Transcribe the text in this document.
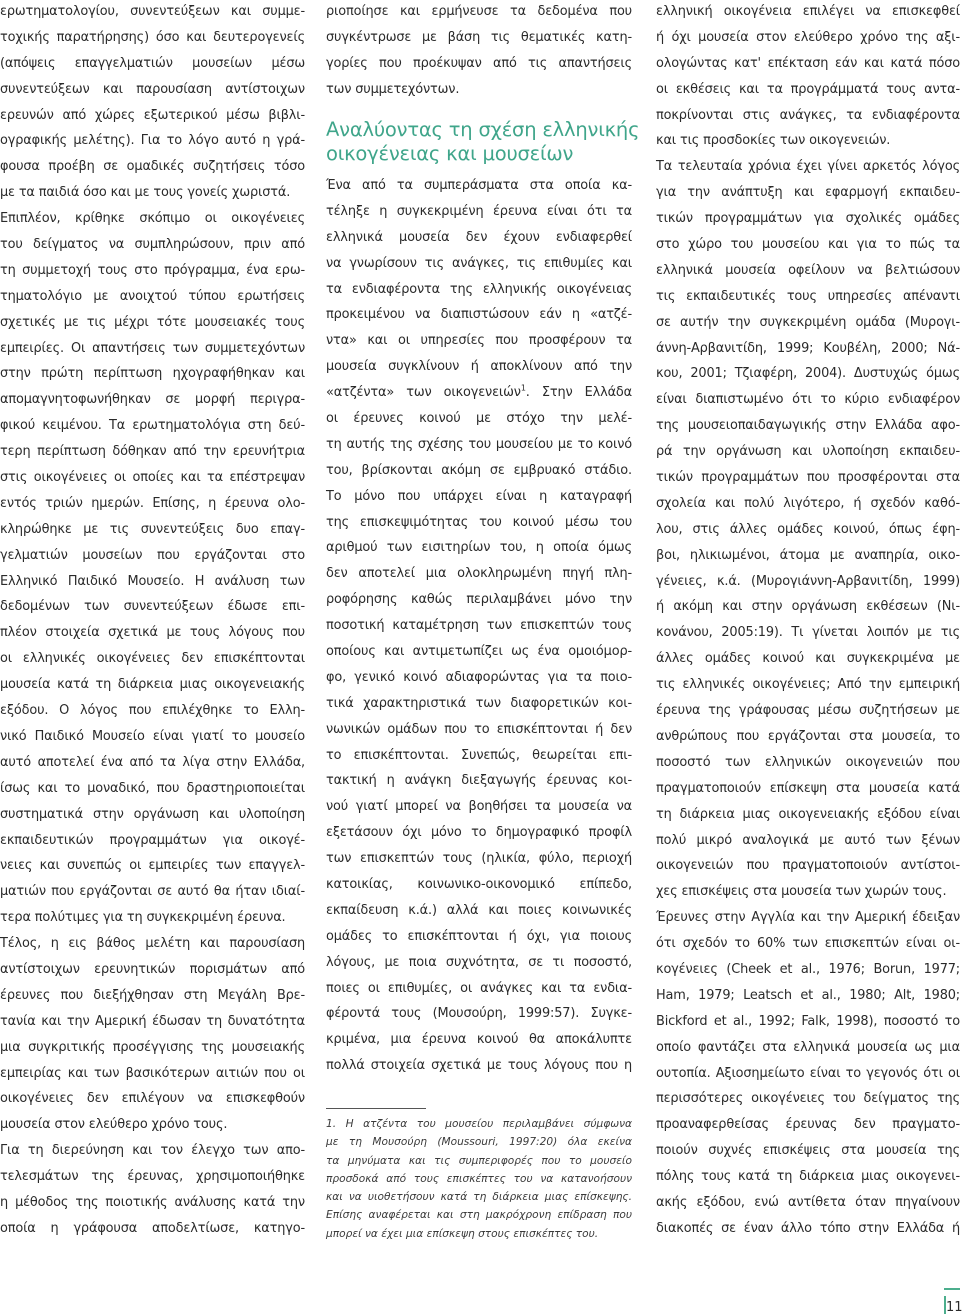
ερωτηματολογίου, συνεντεύξεων και συμμε-
τοχικής παρατήρησης) όσο και δευτερογενείς
(απόψεις επαγγελματιών μουσείων μέσω
συνεντεύξεων και παρουσίαση αντίστοιχων
ερευνών από χώρες εξωτερικού μέσω βιβλι-
ογραφικής μελέτης). Για το λόγο αυτό η γρά-
φουσα προέβη σε ομαδικές συζητήσεις τόσο
με τα παιδιά όσο και με τους γονείς χωριστά.
Επιπλέον, κρίθηκε σκόπιμο οι οικογένειες
του δείγματος να συμπληρώσουν, πριν από
τη συμμετοχή τους στο πρόγραμμα, ένα ερω-
τηματολόγιο με ανοιχτού τύπου ερωτήσεις
σχετικές με τις μέχρι τότε μουσειακές τους
εμπειρίες. Οι απαντήσεις των συμμετεχόντων
στην πρώτη περίπτωση ηχογραφήθηκαν και
απομαγνητοφωνήθηκαν σε μορφή περιγρα-
φικού κειμένου. Τα ερωτηματολόγια στη δεύ-
τερη περίπτωση δόθηκαν από την ερευνήτρια
στις οικογένειες οι οποίες και τα επέστρεψαν
εντός τριών ημερών. Επίσης, η έρευνα ολο-
κληρώθηκε με τις συνεντεύξεις δυο επαγ-
γελματιών μουσείων που εργάζονται στο
Ελληνικό Παιδικό Μουσείο. Η ανάλυση των
δεδομένων των συνεντεύξεων έδωσε επι-
πλέον στοιχεία σχετικά με τους λόγους που
οι ελληνικές οικογένειες δεν επισκέπτονται
μουσεία κατά τη διάρκεια μιας οικογενειακής
εξόδου. Ο λόγος που επιλέχθηκε το Ελλη-
νικό Παιδικό Μουσείο είναι γιατί το μουσείο
αυτό αποτελεί ένα από τα λίγα στην Ελλάδα,
ίσως και το μοναδικό, που δραστηριοποιείται
συστηματικά στην οργάνωση και υλοποίηση
εκπαιδευτικών προγραμμάτων για οικογέ-
νειες και συνεπώς οι εμπειρίες των επαγγελ-
ματιών που εργάζονται σε αυτό θα ήταν ιδιαί-
τερα πολύτιμες για τη συγκεκριμένη έρευνα.
Τέλος, η εις βάθος μελέτη και παρουσίαση
αντίστοιχων ερευνητικών πορισμάτων από
έρευνες που διεξήχθησαν στη Μεγάλη Βρε-
τανία και την Αμερική έδωσαν τη δυνατότητα
μια συγκριτικής προσέγγισης της μουσειακής
εμπειρίας και των βασικότερων αιτιών που οι
οικογένειες δεν επιλέγουν να επισκεφθούν
μουσεία στον ελεύθερο χρόνο τους.
Για τη διερεύνηση και τον έλεγχο των απο-
τελεσμάτων της έρευνας, χρησιμοποιήθηκε
η μέθοδος της ποιοτικής ανάλυσης κατά την
οποία η γράφουσα αποδελτίωσε, κατηγο-
ριοποίησε και ερμήνευσε τα δεδομένα που
συγκέντρωσε με βάση τις θεματικές κατη-
γορίες που προέκυψαν από τις απαντήσεις
των συμμετεχόντων.
Αναλύοντας τη σχέση ελληνικής
οικογένειας και μουσείων
Ένα από τα συμπεράσματα στα οποία κα-
τέληξε η συγκεκριμένη έρευνα είναι ότι τα
ελληνικά μουσεία δεν έχουν ενδιαφερθεί
να γνωρίσουν τις ανάγκες, τις επιθυμίες και
τα ενδιαφέροντα της ελληνικής οικογένειας
προκειμένου να διαπιστώσουν εάν η «ατζέ-
ντα» και οι υπηρεσίες που προσφέρουν τα
μουσεία συγκλίνουν ή αποκλίνουν από την
«ατζέντα» των οικογενειών$^1$. Στην Ελλάδα
οι έρευνες κοινού με στόχο την μελέ-
τη αυτής της σχέσης του μουσείου με το κοινό
του, βρίσκονται ακόμη σε εμβρυακό στάδιο.
Το μόνο που υπάρχει είναι η καταγραφή
της επισκεψιμότητας του κοινού μέσω του
αριθμού των εισιτηρίων του, η οποία όμως
δεν αποτελεί μια ολοκληρωμένη πηγή πλη-
ροφόρησης καθώς περιλαμβάνει μόνο την
ποσοτική καταμέτρηση των επισκεπτών τους
οποίους και αντιμετωπίζει ως ένα ομοιόμορ-
φο, γενικό κοινό αδιαφορώντας για τα ποιο-
τικά χαρακτηριστικά των διαφορετικών κοι-
νωνικών ομάδων που το επισκέπτονται ή δεν
το επισκέπτονται. Συνεπώς, θεωρείται επι-
τακτική η ανάγκη διεξαγωγής έρευνας κοι-
νού γιατί μπορεί να βοηθήσει τα μουσεία να
εξετάσουν όχι μόνο το δημογραφικό προφίλ
των επισκεπτών τους (ηλικία, φύλο, περιοχή
κατοικίας, κοινωνικο-οικονομικό επίπεδο,
εκπαίδευση κ.ά.) αλλά και ποιες κοινωνικές
ομάδες το επισκέπτονται ή όχι, για ποιους
λόγους, με ποια συχνότητα, σε τι ποσοστό,
ποιες οι επιθυμίες, οι ανάγκες και τα ενδια-
φέροντά τους (Μουσούρη, 1999:57). Συγκε-
κριμένα, μια έρευνα κοινού θα αποκάλυπτε
πολλά στοιχεία σχετικά με τους λόγους που η
1. Η ατζέντα του μουσείου περιλαμβάνει σύμφωνα
με τη Μουσούρη (Moussouri, 1997:20) όλα εκείνα
τα μηνύματα και τις συμπεριφορές που το μουσείο
προσδοκά από τους επισκέπτες του να κατανοήσουν
και να υιοθετήσουν κατά τη διάρκεια μιας επίσκεψης.
Επίσης αναφέρεται και στη μακρόχρονη επίδραση που
μπορεί να έχει μια επίσκεψη στους επισκέπτες του.
ελληνική οικογένεια επιλέγει να επισκεφθεί
ή όχι μουσεία στον ελεύθερο χρόνο της αξι-
ολογώντας κατ' επέκταση εάν και κατά πόσο
οι εκθέσεις και τα προγράμματά τους αντα-
ποκρίνονται στις ανάγκες, τα ενδιαφέροντα
και τις προσδοκίες των οικογενειών.
Τα τελευταία χρόνια έχει γίνει αρκετός λόγος
για την ανάπτυξη και εφαρμογή εκπαιδευ-
τικών προγραμμάτων για σχολικές ομάδες
στο χώρο του μουσείου και για το πώς τα
ελληνικά μουσεία οφείλουν να βελτιώσουν
τις εκπαιδευτικές τους υπηρεσίες απέναντι
σε αυτήν την συγκεκριμένη ομάδα (Μυρογι-
άννη-Αρβανιτίδη, 1999; Κουβέλη, 2000; Νά-
κου, 2001; Τζιαφέρη, 2004). Δυστυχώς όμως
είναι διαπιστωμένο ότι το κύριο ενδιαφέρον
της μουσειοπαιδαγωγικής στην Ελλάδα αφο-
ρά την οργάνωση και υλοποίηση εκπαιδευ-
τικών προγραμμάτων που προσφέρονται στα
σχολεία και πολύ λιγότερο, ή σχεδόν καθό-
λου, στις άλλες ομάδες κοινού, όπως έφη-
βοι, ηλικιωμένοι, άτομα με αναπηρία, οικο-
γένειες, κ.ά. (Μυρογιάννη-Αρβανιτίδη, 1999)
ή ακόμη και στην οργάνωση εκθέσεων (Νι-
κονάνου, 2005:19). Τι γίνεται λοιπόν με τις
άλλες ομάδες κοινού και συγκεκριμένα με
τις ελληνικές οικογένειες; Από την εμπειρική
έρευνα της γράφουσας μέσω συζητήσεων με
ανθρώπους που εργάζονται στα μουσεία, το
ποσοστό των ελληνικών οικογενειών που
πραγματοποιούν επίσκεψη στα μουσεία κατά
τη διάρκεια μιας οικογενειακής εξόδου είναι
πολύ μικρό αναλογικά με αυτό των ξένων
οικογενειών που πραγματοποιούν αντίστοι-
χες επισκέψεις στα μουσεία των χωρών τους.
Έρευνες στην Αγγλία και την Αμερική έδειξαν
ότι σχεδόν το 60% των επισκεπτών είναι οι-
κογένειες (Cheek et al., 1976; Borun, 1977;
Ham, 1979; Leatsch et al., 1980; Alt, 1980;
Bickford et al., 1992; Falk, 1998), ποσοστό το
οποίο φαντάζει στα ελληνικά μουσεία ως μια
ουτοπία. Αξιοσημείωτο είναι το γεγονός ότι οι
περισσότερες οικογένειες του δείγματος της
προαναφερθείσας έρευνας δεν πραγματο-
ποιούν συχνές επισκέψεις στα μουσεία της
πόλης τους κατά τη διάρκεια μιας οικογενει-
ακής εξόδου, ενώ αντίθετα όταν πηγαίνουν
διακοπές σε έναν άλλο τόπο στην Ελλάδα ή
11
